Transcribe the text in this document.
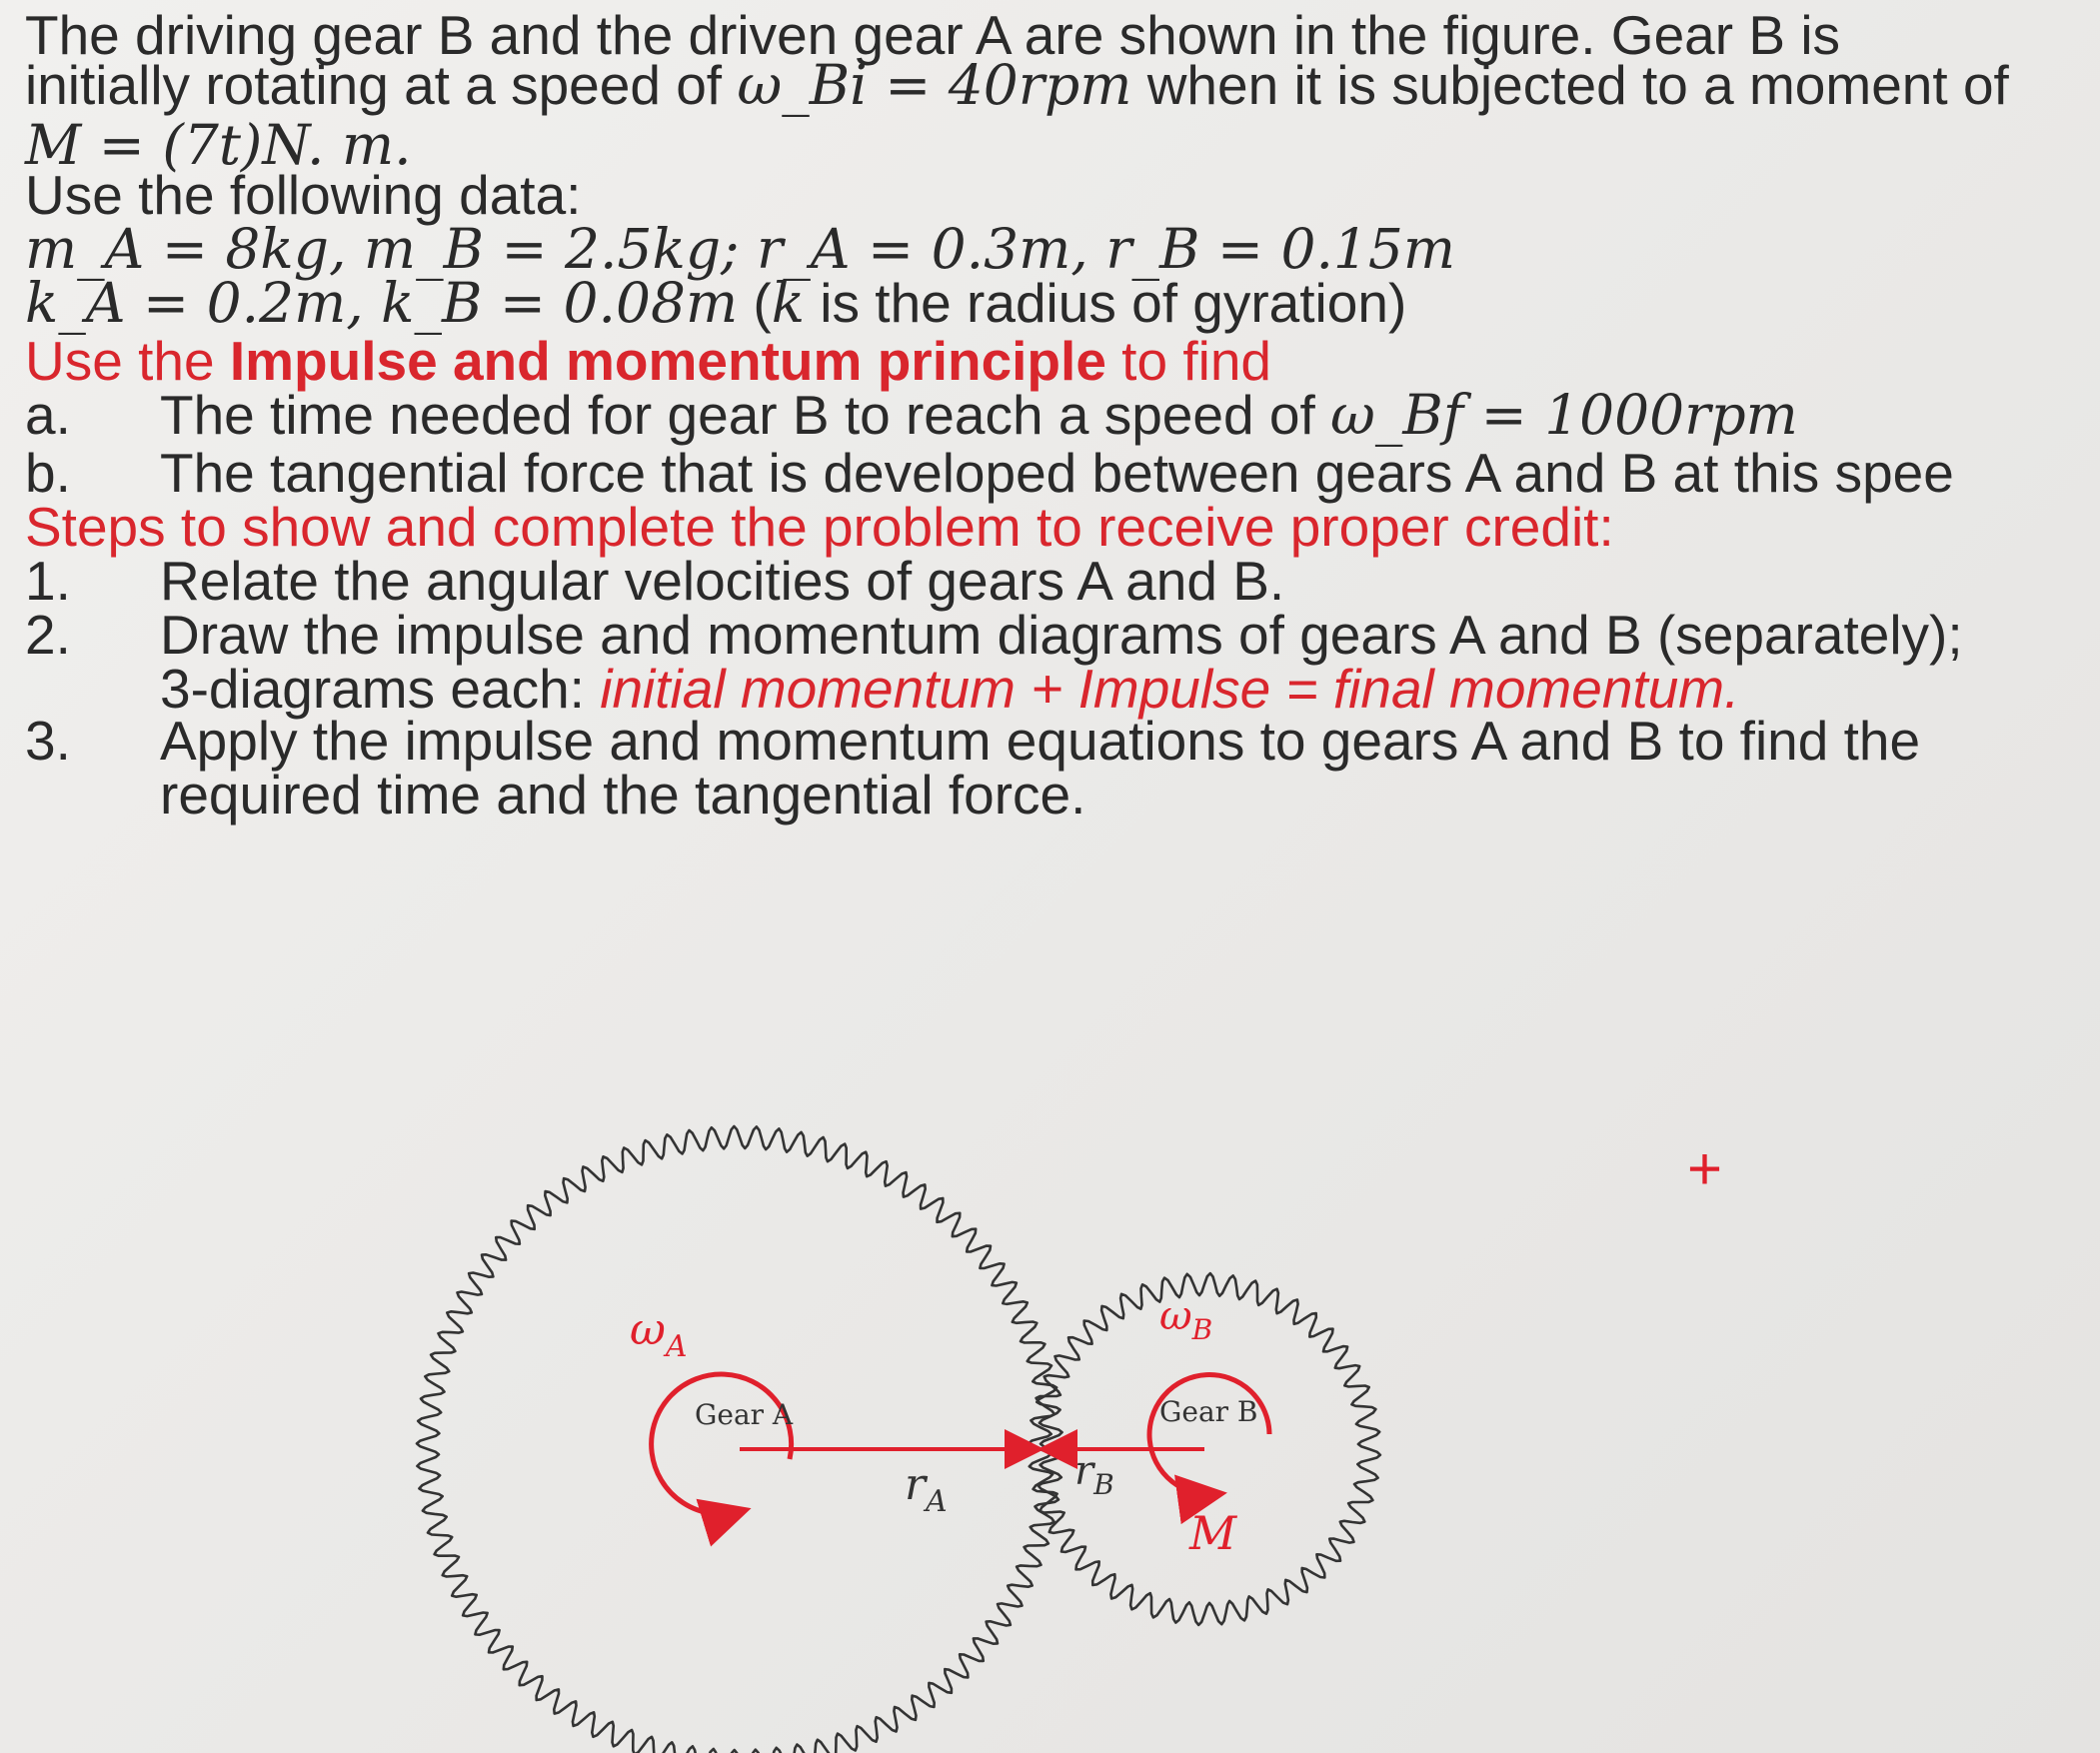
The driving gear B and the driven gear A are shown in the figure. Gear B is
initially rotating at a speed of ω_Bi = 40rpm when it is subjected to a moment of
M = (7t)N. m.
Use the following data:
m_A = 8kg, m_B = 2.5kg; r_A = 0.3m, r_B = 0.15m
k_A = 0.2m, k_B = 0.08m (k is the radius of gyration)
Use the Impulse and momentum principle to find
a. The time needed for gear B to reach a speed of ω_Bf = 1000rpm
b. The tangential force that is developed between gears A and B at this spee
Steps to show and complete the problem to receive proper credit:
1. Relate the angular velocities of gears A and B.
2. Draw the impulse and momentum diagrams of gears A and B (separately);
3-diagrams each: initial momentum + Impulse = final momentum.
3. Apply the impulse and momentum equations to gears A and B to find the
required time and the tangential force.
+
Gear A	Gear B
$\omega_A$
$\omega_B$
$r_A$
$r_B$
M
